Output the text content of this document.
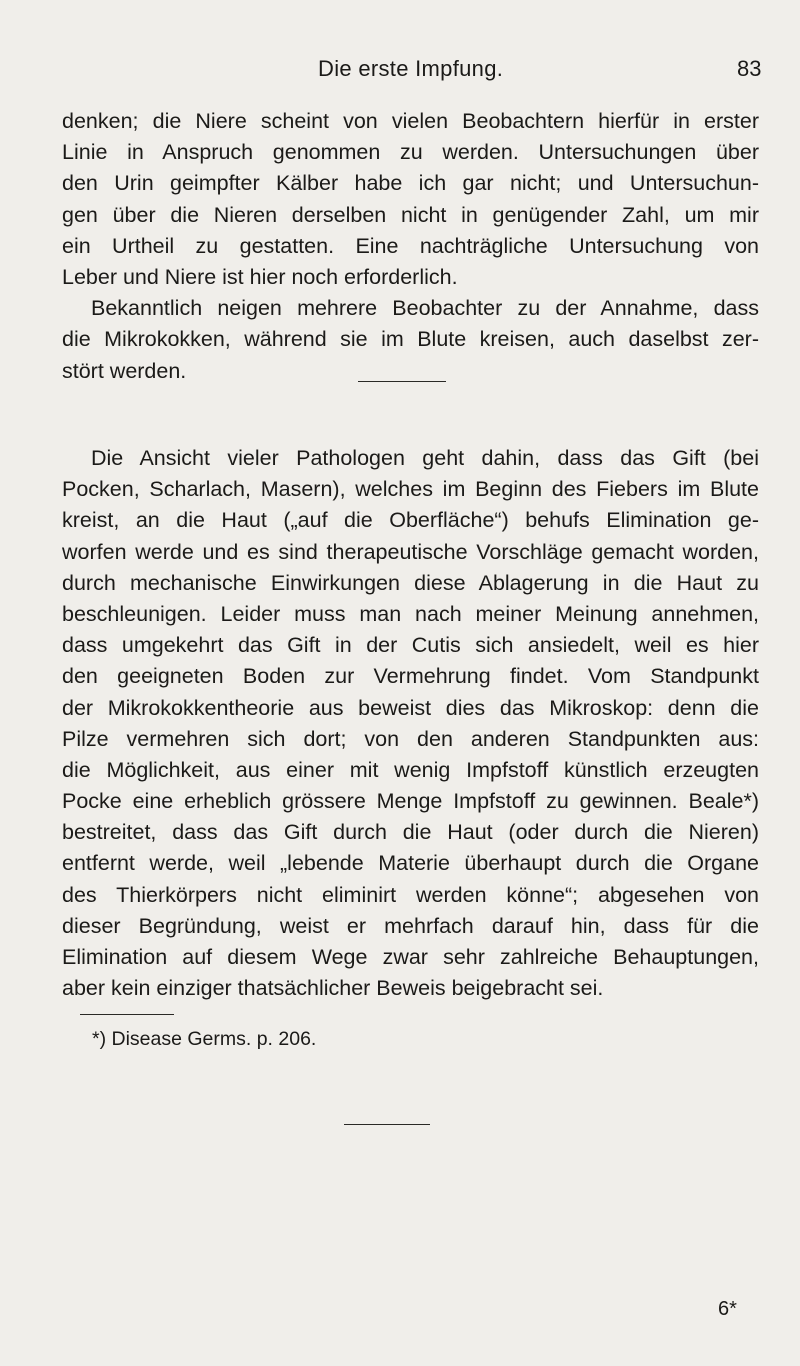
Die erste Impfung.	83
denken; die Niere scheint von vielen Beobachtern hierfür in erster
Linie in Anspruch genommen zu werden. Untersuchungen über
den Urin geimpfter Kälber habe ich gar nicht; und Untersuchun-
gen über die Nieren derselben nicht in genügender Zahl, um mir
ein Urtheil zu gestatten. Eine nachträgliche Untersuchung von
Leber und Niere ist hier noch erforderlich.
Bekanntlich neigen mehrere Beobachter zu der Annahme, dass
die Mikrokokken, während sie im Blute kreisen, auch daselbst zer-
stört werden.
Die Ansicht vieler Pathologen geht dahin, dass das Gift (bei
Pocken, Scharlach, Masern), welches im Beginn des Fiebers im Blute
kreist, an die Haut („auf die Oberfläche“) behufs Elimination ge-
worfen werde und es sind therapeutische Vorschläge gemacht worden,
durch mechanische Einwirkungen diese Ablagerung in die Haut zu
beschleunigen. Leider muss man nach meiner Meinung annehmen,
dass umgekehrt das Gift in der Cutis sich ansiedelt, weil es hier
den geeigneten Boden zur Vermehrung findet. Vom Standpunkt
der Mikrokokkentheorie aus beweist dies das Mikroskop: denn die
Pilze vermehren sich dort; von den anderen Standpunkten aus:
die Möglichkeit, aus einer mit wenig Impfstoff künstlich erzeugten
Pocke eine erheblich grössere Menge Impfstoff zu gewinnen. Beale*)
bestreitet, dass das Gift durch die Haut (oder durch die Nieren)
entfernt werde, weil „lebende Materie überhaupt durch die Organe
des Thierkörpers nicht eliminirt werden könne“; abgesehen von
dieser Begründung, weist er mehrfach darauf hin, dass für die
Elimination auf diesem Wege zwar sehr zahlreiche Behauptungen,
aber kein einziger thatsächlicher Beweis beigebracht sei.
*) Disease Germs. p. 206.
6*
